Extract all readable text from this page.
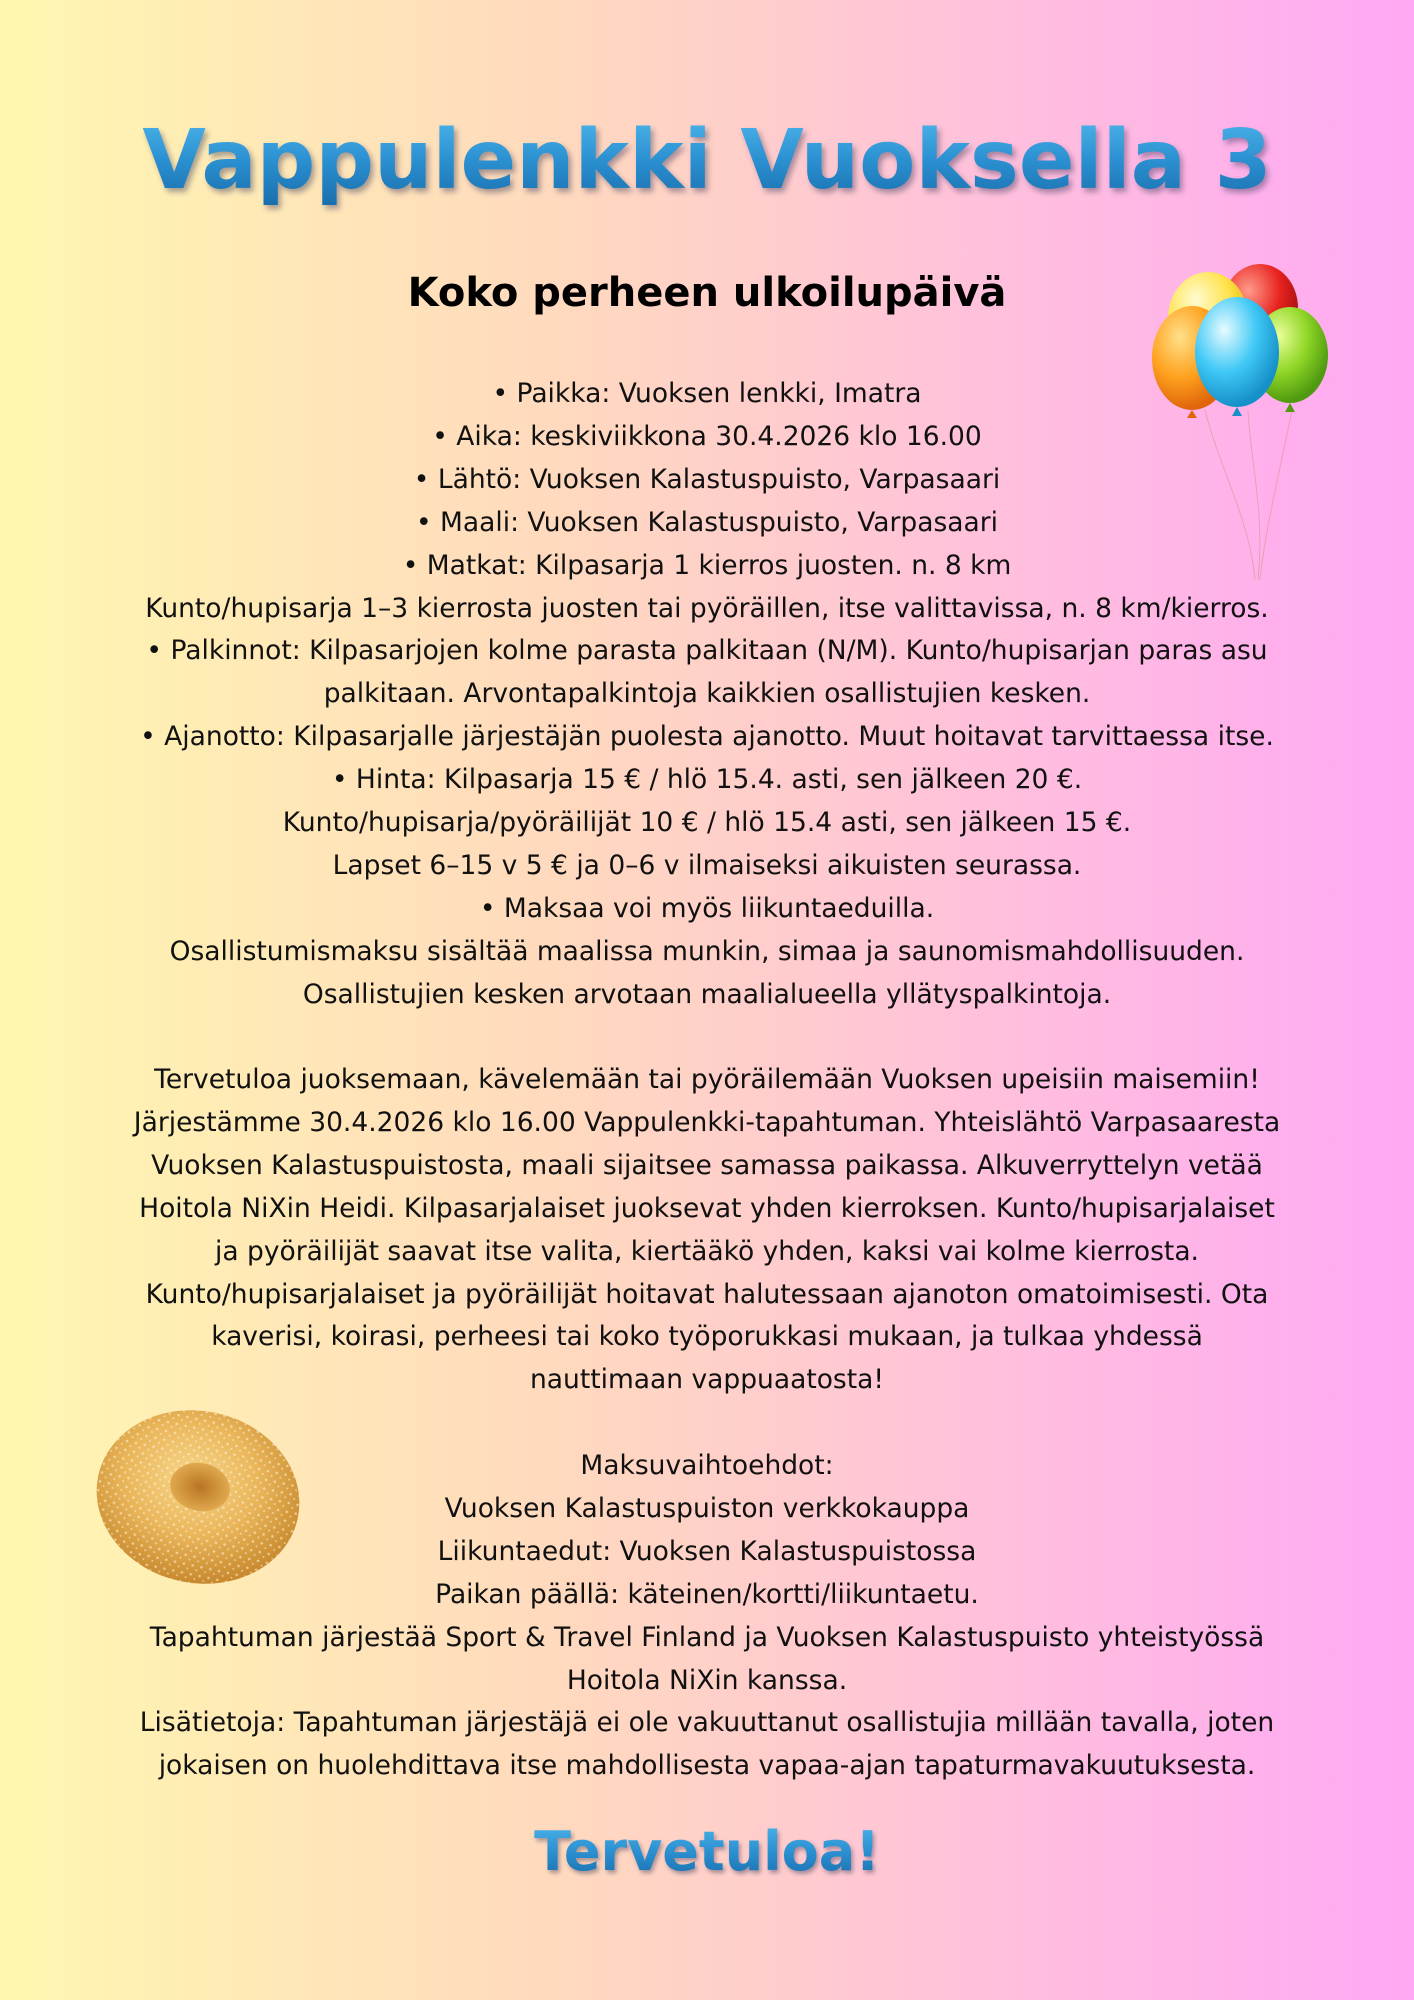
Vappulenkki Vuoksella 3
Koko perheen ulkoilupäivä
• Paikka: Vuoksen lenkki, Imatra
• Aika: keskiviikkona 30.4.2026 klo 16.00
• Lähtö: Vuoksen Kalastuspuisto, Varpasaari
• Maali: Vuoksen Kalastuspuisto, Varpasaari
• Matkat: Kilpasarja 1 kierros juosten. n. 8 km
Kunto/hupisarja 1–3 kierrosta juosten tai pyöräillen, itse valittavissa, n. 8 km/kierros.
• Palkinnot: Kilpasarjojen kolme parasta palkitaan (N/M). Kunto/hupisarjan paras asu
palkitaan. Arvontapalkintoja kaikkien osallistujien kesken.
• Ajanotto: Kilpasarjalle järjestäjän puolesta ajanotto. Muut hoitavat tarvittaessa itse.
• Hinta: Kilpasarja 15 € / hlö 15.4. asti, sen jälkeen 20 €.
Kunto/hupisarja/pyöräilijät 10 € / hlö 15.4 asti, sen jälkeen 15 €.
Lapset 6–15 v 5 € ja 0–6 v ilmaiseksi aikuisten seurassa.
• Maksaa voi myös liikuntaeduilla.
Osallistumismaksu sisältää maalissa munkin, simaa ja saunomismahdollisuuden.
Osallistujien kesken arvotaan maalialueella yllätyspalkintoja.
Tervetuloa juoksemaan, kävelemään tai pyöräilemään Vuoksen upeisiin maisemiin!
Järjestämme 30.4.2026 klo 16.00 Vappulenkki-tapahtuman. Yhteislähtö Varpasaaresta
Vuoksen Kalastuspuistosta, maali sijaitsee samassa paikassa. Alkuverryttelyn vetää
Hoitola NiXin Heidi. Kilpasarjalaiset juoksevat yhden kierroksen. Kunto/hupisarjalaiset
ja pyöräilijät saavat itse valita, kiertääkö yhden, kaksi vai kolme kierrosta.
Kunto/hupisarjalaiset ja pyöräilijät hoitavat halutessaan ajanoton omatoimisesti. Ota
kaverisi, koirasi, perheesi tai koko työporukkasi mukaan, ja tulkaa yhdessä
nauttimaan vappuaatosta!
Maksuvaihtoehdot:
Vuoksen Kalastuspuiston verkkokauppa
Liikuntaedut: Vuoksen Kalastuspuistossa
Paikan päällä: käteinen/kortti/liikuntaetu.
Tapahtuman järjestää Sport & Travel Finland ja Vuoksen Kalastuspuisto yhteistyössä
Hoitola NiXin kanssa.
Lisätietoja: Tapahtuman järjestäjä ei ole vakuuttanut osallistujia millään tavalla, joten
jokaisen on huolehdittava itse mahdollisesta vapaa-ajan tapaturmavakuutuksesta.
Tervetuloa!
